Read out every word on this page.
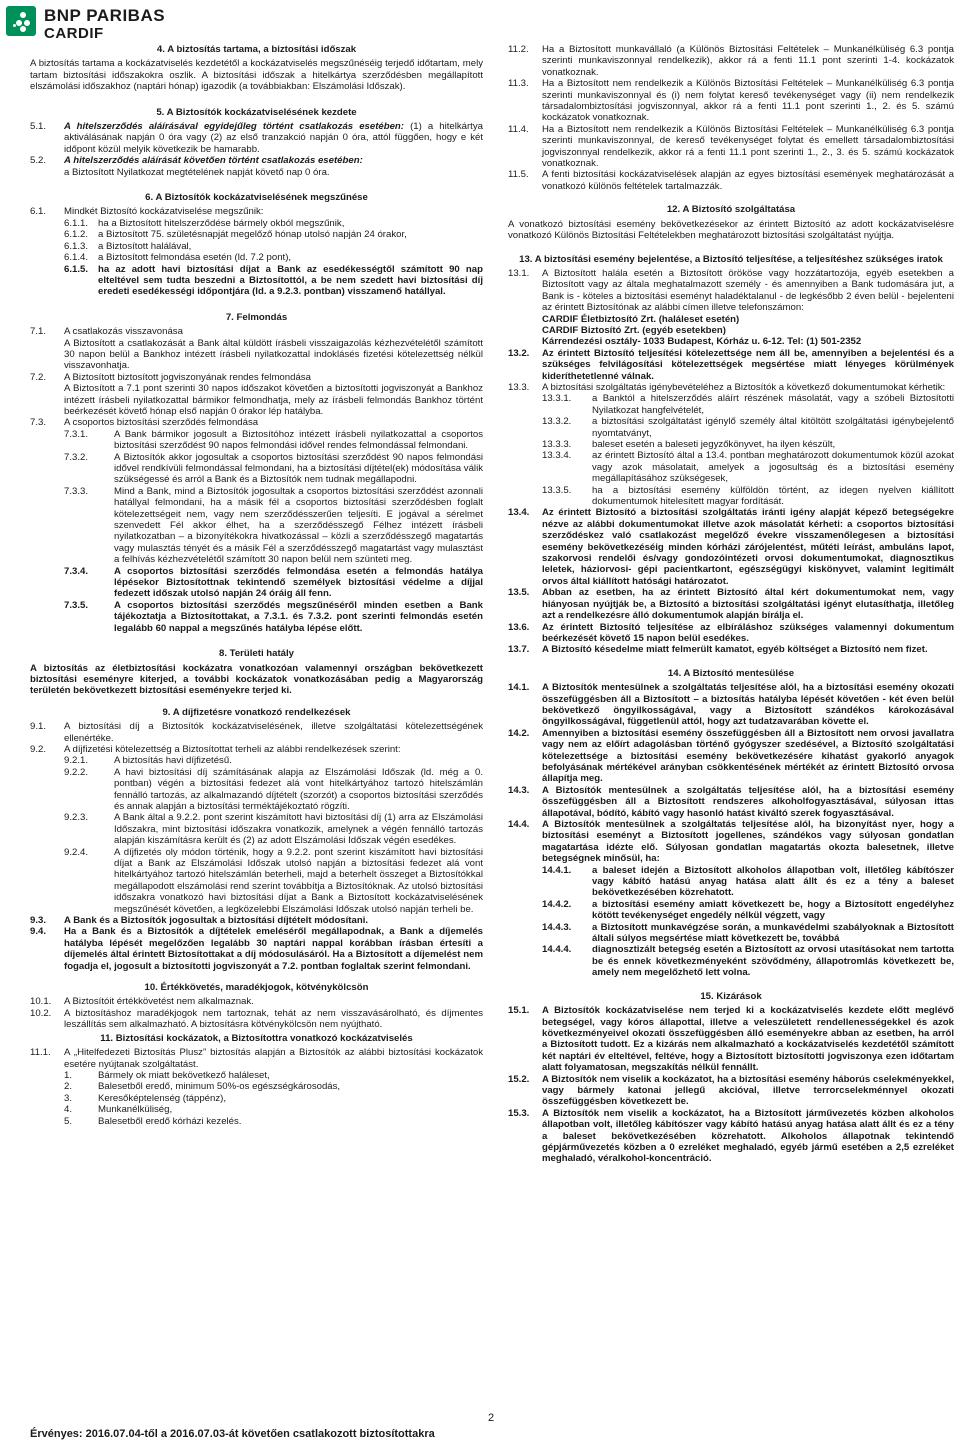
BNP PARIBAS
CARDIF
4. A biztosítás tartama, a biztosítási időszak

A biztosítás tartama a kockázatviselés kezdetétől a kockázatviselés megszűnéséig terjedő időtartam, mely tartam biztosítási időszakokra oszlik. A biztosítási időszak a hitelkártya szerződésben megállapított elszámolási időszakhoz (naptári hónap) igazodik (a továbbiakban: Elszámolási Időszak).

5. A Biztosítók kockázatviselésének kezdete
5.1.	A hitelszerződés aláírásával egyidejűleg történt csatlakozás esetében: (1) a hitelkártya aktiválásának napján 0 óra vagy (2) az első tranzakció napján 0 óra, attól függően, hogy e két időpont közül melyik következik be hamarabb.
5.2.	A hitelszerződés aláírását követően történt csatlakozás esetében:
a Biztosított Nyilatkozat megtételének napját követő nap 0 óra.
6. A Biztosítók kockázatviselésének megszűnése
6.1.	Mindkét Biztosító kockázatviselése megszűnik:
6.1.1.	ha a Biztosított hitelszerződése bármely okból megszűnik,
6.1.2.	a Biztosított 75. születésnapját megelőző hónap utolsó napján 24 órakor,
6.1.3.	a Biztosított halálával,
6.1.4.	a Biztosított felmondása esetén (ld. 7.2 pont),
6.1.5.	ha az adott havi biztosítási díjat a Bank az esedékességtől számított 90 nap elteltével sem tudta beszedni a Biztosítottól, a be nem szedett havi biztosítási díj eredeti esedékességi időpontjára (ld. a 9.2.3. pontban) visszamenő hatállyal.
7. Felmondás
7.1.	A csatlakozás visszavonása

A Biztosított a csatlakozását a Bank által küldött írásbeli visszaigazolás kézhezvételétől számított 30 napon belül a Bankhoz intézett írásbeli nyilatkozattal indoklásés fizetési kötelezettség nélkül visszavonhatja.

7.2.	A Biztosított biztosított jogviszonyának rendes felmondása

A Biztosított a 7.1 pont szerinti 30 napos időszakot követően a biztosítotti jogviszonyát a Bankhoz intézett írásbeli nyilatkozattal bármikor felmondhatja, mely az írásbeli felmondás Bankhoz történt beérkezését követő hónap első napján 0 órakor lép hatályba.

7.3.	A csoportos biztosítási szerződés felmondása
7.3.1.	A Bank bármikor jogosult a Biztosítóhoz intézett írásbeli nyilatkozattal a csoportos biztosítási szerződést 90 napos felmondási idővel rendes felmondással felmondani.
7.3.2.	A Biztosítók akkor jogosultak a csoportos biztosítási szerződést 90 napos felmondási idővel rendkívüli felmondással felmondani, ha a biztosítási díjtétel(ek) módosítása válik szükségessé és arról a Bank és a Biztosítók nem tudnak megállapodni.
7.3.3.	Mind a Bank, mind a Biztosítók jogosultak a csoportos biztosítási szerződést azonnali hatállyal felmondani, ha a másik fél a csoportos biztosítási szerződésben foglalt kötelezettségeit nem, vagy nem szerződésszerűen teljesíti. E jogával a sérelmet szenvedett Fél akkor élhet, ha a szerződésszegő Félhez intézett írásbeli nyilatkozatban – a bizonyítékokra hivatkozással – közli a szerződésszegő magatartás vagy mulasztás tényét és a másik Fél a szerződésszegő magatartást vagy mulasztást a felhívás kézhezvételétől számított 30 napon belül nem szünteti meg.
7.3.4.	A csoportos biztosítási szerződés felmondása esetén a felmondás hatálya lépésekor Biztosítottnak tekintendő személyek biztosítási védelme a díjjal fedezett időszak utolsó napján 24 óráig áll fenn.
7.3.5.	A csoportos biztosítási szerződés megszűnéséről minden esetben a Bank tájékoztatja a Biztosítottakat, a 7.3.1. és 7.3.2. pont szerinti felmondás esetén legalább 60 nappal a megszűnés hatályba lépése előtt.
8. Területi hatály

A biztosítás az életbiztosítási kockázatra vonatkozóan valamennyi országban bekövetkezett biztosítási eseményre kiterjed, a további kockázatok vonatkozásában pedig a Magyarország területén bekövetkezett biztosítási eseményekre terjed ki.

9. A díjfizetésre vonatkozó rendelkezések
9.1.	A biztosítási díj a Biztosítók kockázatviselésének, illetve szolgáltatási kötelezettségének ellenértéke.
9.2.	A díjfizetési kötelezettség a Biztosítottat terheli az alábbi rendelkezések szerint:
9.2.1.	A biztosítás havi díjfizetésű.
9.2.2.	A havi biztosítási díj számításának alapja az Elszámolási Időszak (ld. még a 0. pontban) végén a biztosítási fedezet alá vont hitelkártyához tartozó hitelszámlán fennálló tartozás, az alkalmazandó díjtételt (szorzót) a csoportos biztosítási szerződés és annak alapján a biztosítási terméktájékoztató rögzíti.
9.2.3.	A Bank által a 9.2.2. pont szerint kiszámított havi biztosítási díj (1) arra az Elszámolási Időszakra, mint biztosítási időszakra vonatkozik, amelynek a végén fennálló tartozás alapján kiszámításra került és (2) az adott Elszámolási Időszak végén esedékes.
9.2.4.	A díjfizetés oly módon történik, hogy a 9.2.2. pont szerint kiszámított havi biztosítási díjat a Bank az Elszámolási Időszak utolsó napján a biztosítási fedezet alá vont hitelkártyához tartozó hitelszámlán beterheli, majd a beterhelt összeget a Biztosítókkal megállapodott elszámolási rend szerint továbbítja a Biztosítóknak. Az utolsó biztosítási időszakra vonatkozó havi biztosítási díjat a Bank a Biztosított kockázatviselésének megszűnését követően, a legközelebbi Elszámolási Időszak utolsó napján terheli be.
9.3.	A Bank és a Biztosítók jogosultak a biztosítási díjtételt módosítani.
9.4.	Ha a Bank és a Biztosítók a díjtételek emeléséről megállapodnak, a Bank a díjemelés hatályba lépését megelőzően legalább 30 naptári nappal korábban írásban értesíti a díjemelés által érintett Biztosítottakat a díj módosulásáról. Ha a Biztosított a díjemelést nem fogadja el, jogosult a biztosítotti jogviszonyát a 7.2. pontban foglaltak szerint felmondani.
10. Értékkövetés, maradékjogok, kötvénykölcsön
10.1.	A Biztosítóit értékkövetést nem alkalmaznak.
10.2.	A biztosításhoz maradékjogok nem tartoznak, tehát az nem visszavásárolható, és díjmentes leszállítás sem alkalmazható. A biztosításra kötvénykölcsön nem nyújtható.
11. Biztosítási kockázatok, a Biztosítottra vonatkozó kockázatviselés
11.1.	A „Hitelfedezeti Biztosítás Plusz” biztosítás alapján a Biztosítók az alábbi biztosítási kockázatok esetére nyújtanak szolgáltatást.
1.	Bármely ok miatt bekövetkező haláleset,
2.	Balesetből eredő, minimum 50%-os egészségkárosodás,
3.	Keresőképtelenség (táppénz),
4.	Munkanélküliség,
5.	Balesetből eredő kórházi kezelés.
11.2.	Ha a Biztosított munkavállaló (a Különös Biztosítási Feltételek – Munkanélküliség 6.3 pontja szerinti munkaviszonnyal rendelkezik), akkor rá a fenti 11.1 pont szerinti 1-4. kockázatok vonatkoznak.
11.3.	Ha a Biztosított nem rendelkezik a Különös Biztosítási Feltételek – Munkanélküliség 6.3 pontja szerinti munkaviszonnyal és (i) nem folytat kereső tevékenységet vagy (ii) nem rendelkezik társadalombiztosítási jogviszonnyal, akkor rá a fenti 11.1 pont szerinti 1., 2. és 5. számú kockázatok vonatkoznak.
11.4.	Ha a Biztosított nem rendelkezik a Különös Biztosítási Feltételek – Munkanélküliség 6.3 pontja szerinti munkaviszonnyal, de kereső tevékenységet folytat és emellett társadalombiztosítási jogviszonnyal rendelkezik, akkor rá a fenti 11.1 pont szerinti 1., 2., 3. és 5. számú kockázatok vonatkoznak.
11.5.	A fenti biztosítási kockázatviselések alapján az egyes biztosítási események meghatározását a vonatkozó különös feltételek tartalmazzák.
12. A Biztosító szolgáltatása

A vonatkozó biztosítási esemény bekövetkezésekor az érintett Biztosító az adott kockázatviselésre vonatkozó Különös Biztosítási Feltételekben meghatározott biztosítási szolgáltatást nyújtja.

13. A biztosítási esemény bejelentése, a Biztosító teljesítése, a teljesítéshez szükséges iratok
13.1.	A Biztosított halála esetén a Biztosított örököse vagy hozzátartozója, egyéb esetekben a Biztosított vagy az általa meghatalmazott személy - és amennyiben a Bank tudomására jut, a Bank is - köteles a biztosítási eseményt haladéktalanul - de legkésőbb 2 éven belül - bejelenteni az érintett Biztosítónak az alábbi címen illetve telefonszámon:
CARDIF Életbiztosító Zrt. (haláleset esetén)
CARDIF Biztosító Zrt. (egyéb esetekben)
Kárrendezési osztály- 1033 Budapest, Kórház u. 6-12. Tel: (1) 501-2352
13.2.	Az érintett Biztosító teljesítési kötelezettsége nem áll be, amennyiben a bejelentési és a szükséges felvilágosítási kötelezettségek megsértése miatt lényeges körülmények kideríthetetlenné válnak.
13.3.	A biztosítási szolgáltatás igénybevételéhez a Biztosítók a következő dokumentumokat kérhetik:
13.3.1.	a Banktól a hitelszerződés aláírt részének másolatát, vagy a szóbeli Biztosítotti Nyilatkozat hangfelvételét,
13.3.2.	a biztosítási szolgáltatást igénylő személy által kitöltött szolgáltatási igénybejelentő nyomtatványt,
13.3.3.	baleset esetén a baleseti jegyzőkönyvet, ha ilyen készült,
13.3.4.	az érintett Biztosító által a 13.4. pontban meghatározott dokumentumok közül azokat vagy azok másolatait, amelyek a jogosultság és a biztosítási esemény megállapításához szükségesek,
13.3.5.	ha a biztosítási esemény külföldön történt, az idegen nyelven kiállított dokumentumok hitelesített magyar fordítását.
13.4.	Az érintett Biztosító a biztosítási szolgáltatás iránti igény alapját képező betegségekre nézve az alábbi dokumentumokat illetve azok másolatát kérheti: a csoportos biztosítási szerződéskez való csatlakozást megelőző évekre visszamenőlegesen a biztosítási esemény bekövetkezéséig minden kórházi zárójelentést, műtéti leírást, ambuláns lapot, szakorvosi rendelői és/vagy gondozóintézeti orvosi dokumentumokat, diagnosztikus leletek, háziorvosi- gépi pacientkartont, egészségügyi kiskönyvet, valamint legitimált orvos által kiállított hatósági határozatot.
13.5.	Abban az esetben, ha az érintett Biztosító által kért dokumentumokat nem, vagy hiányosan nyújtják be, a Biztosító a biztosítási szolgáltatási igényt elutasíthatja, illetőleg azt a rendelkezésre álló dokumentumok alapján bírálja el.
13.6.	Az érintett Biztosító teljesítése az elbíráláshoz szükséges valamennyi dokumentum beérkezését követő 15 napon belül esedékes.
13.7.	A Biztosító késedelme miatt felmerült kamatot, egyéb költséget a Biztosító nem fizet.
14. A Biztosító mentesülése
14.1.	A Biztosítók mentesülnek a szolgáltatás teljesítése alól, ha a biztosítási esemény okozati összefüggésben áll a Biztosított – a biztosítás hatályba lépését követően - két éven belül bekövetkező öngyilkosságával, vagy a Biztosított szándékos károkozásával öngyilkosságával, függetlenül attól, hogy azt tudatzavarában követte el.
14.2.	Amennyiben a biztosítási esemény összefüggésben áll a Biztosított nem orvosi javallatra vagy nem az előírt adagolásban történő gyógyszer szedésével, a Biztosító szolgáltatási kötelezettsége a biztosítási esemény bekövetkezésére kihatást gyakorló anyagok befolyásának mértékével arányban csökkentésének mértékét az érintett Biztosító orvosa állapítja meg.
14.3.	A Biztosítók mentesülnek a szolgáltatás teljesítése alól, ha a biztosítási esemény összefüggésben áll a Biztosított rendszeres alkoholfogyasztásával, súlyosan ittas állapotával, bódító, kábító vagy hasonló hatást kiváltó szerek fogyasztásával.
14.4.	A Biztosítók mentesülnek a szolgáltatás teljesítése alól, ha bizonyítást nyer, hogy a biztosítási eseményt a Biztosított jogellenes, szándékos vagy súlyosan gondatlan magatartása idézte elő. Súlyosan gondatlan magatartás okozta balesetnek, illetve betegségnek minősül, ha:
14.4.1.	a baleset idején a Biztosított alkoholos állapotban volt, illetőleg kábítószer vagy kábító hatású anyag hatása alatt állt és ez a tény a baleset bekövetkezésében közrehatott.
14.4.2.	a biztosítási esemény amiatt következett be, hogy a Biztosított engedélyhez kötött tevékenységet engedély nélkül végzett, vagy
14.4.3.	a Biztosított munkavégzése során, a munkavédelmi szabályoknak a Biztosított általi súlyos megsértése miatt következett be, továbbá
14.4.4.	diagnosztizált betegség esetén a Biztosított az orvosi utasításokat nem tartotta be és ennek következményeként szövődmény, állapotromlás következett be, amely nem megelőzhető lett volna.
15. Kizárások
15.1.	A Biztosítók kockázatviselése nem terjed ki a kockázatviselés kezdete előtt meglévő betegségel, vagy kóros állapottal, illetve a veleszületett rendellenességekkel és azok következményeivel okozati összefüggésben álló eseményekre abban az esetben, ha arról a Biztosított tudott. Ez a kizárás nem alkalmazható a kockázatviselés kezdetétől számított két naptári év elteltével, feltéve, hogy a Biztosított biztosítotti jogviszonya ezen időtartam alatt folyamatosan, megszakítás nélkül fennállt.
15.2.	A Biztosítók nem viselik a kockázatot, ha a biztosítási esemény háborús cselekményekkel, vagy bármely katonai jellegű akcióval, illetve terrorcselekménnyel okozati összefüggésben következett be.
15.3.	A Biztosítók nem viselik a kockázatot, ha a Biztosított járművezetés közben alkoholos állapotban volt, illetőleg kábítószer vagy kábító hatású anyag hatása alatt állt és ez a tény a baleset bekövetkezésében közrehatott. Alkoholos állapotnak tekintendő gépjárművezetés közben a 0 ezreléket meghaladó, egyéb jármű esetében a 2,5 ezreléket meghaladó, véralkohol-koncentráció.
2
Érvényes: 2016.07.04-től a 2016.07.03-át követően csatlakozott biztosítottakra
